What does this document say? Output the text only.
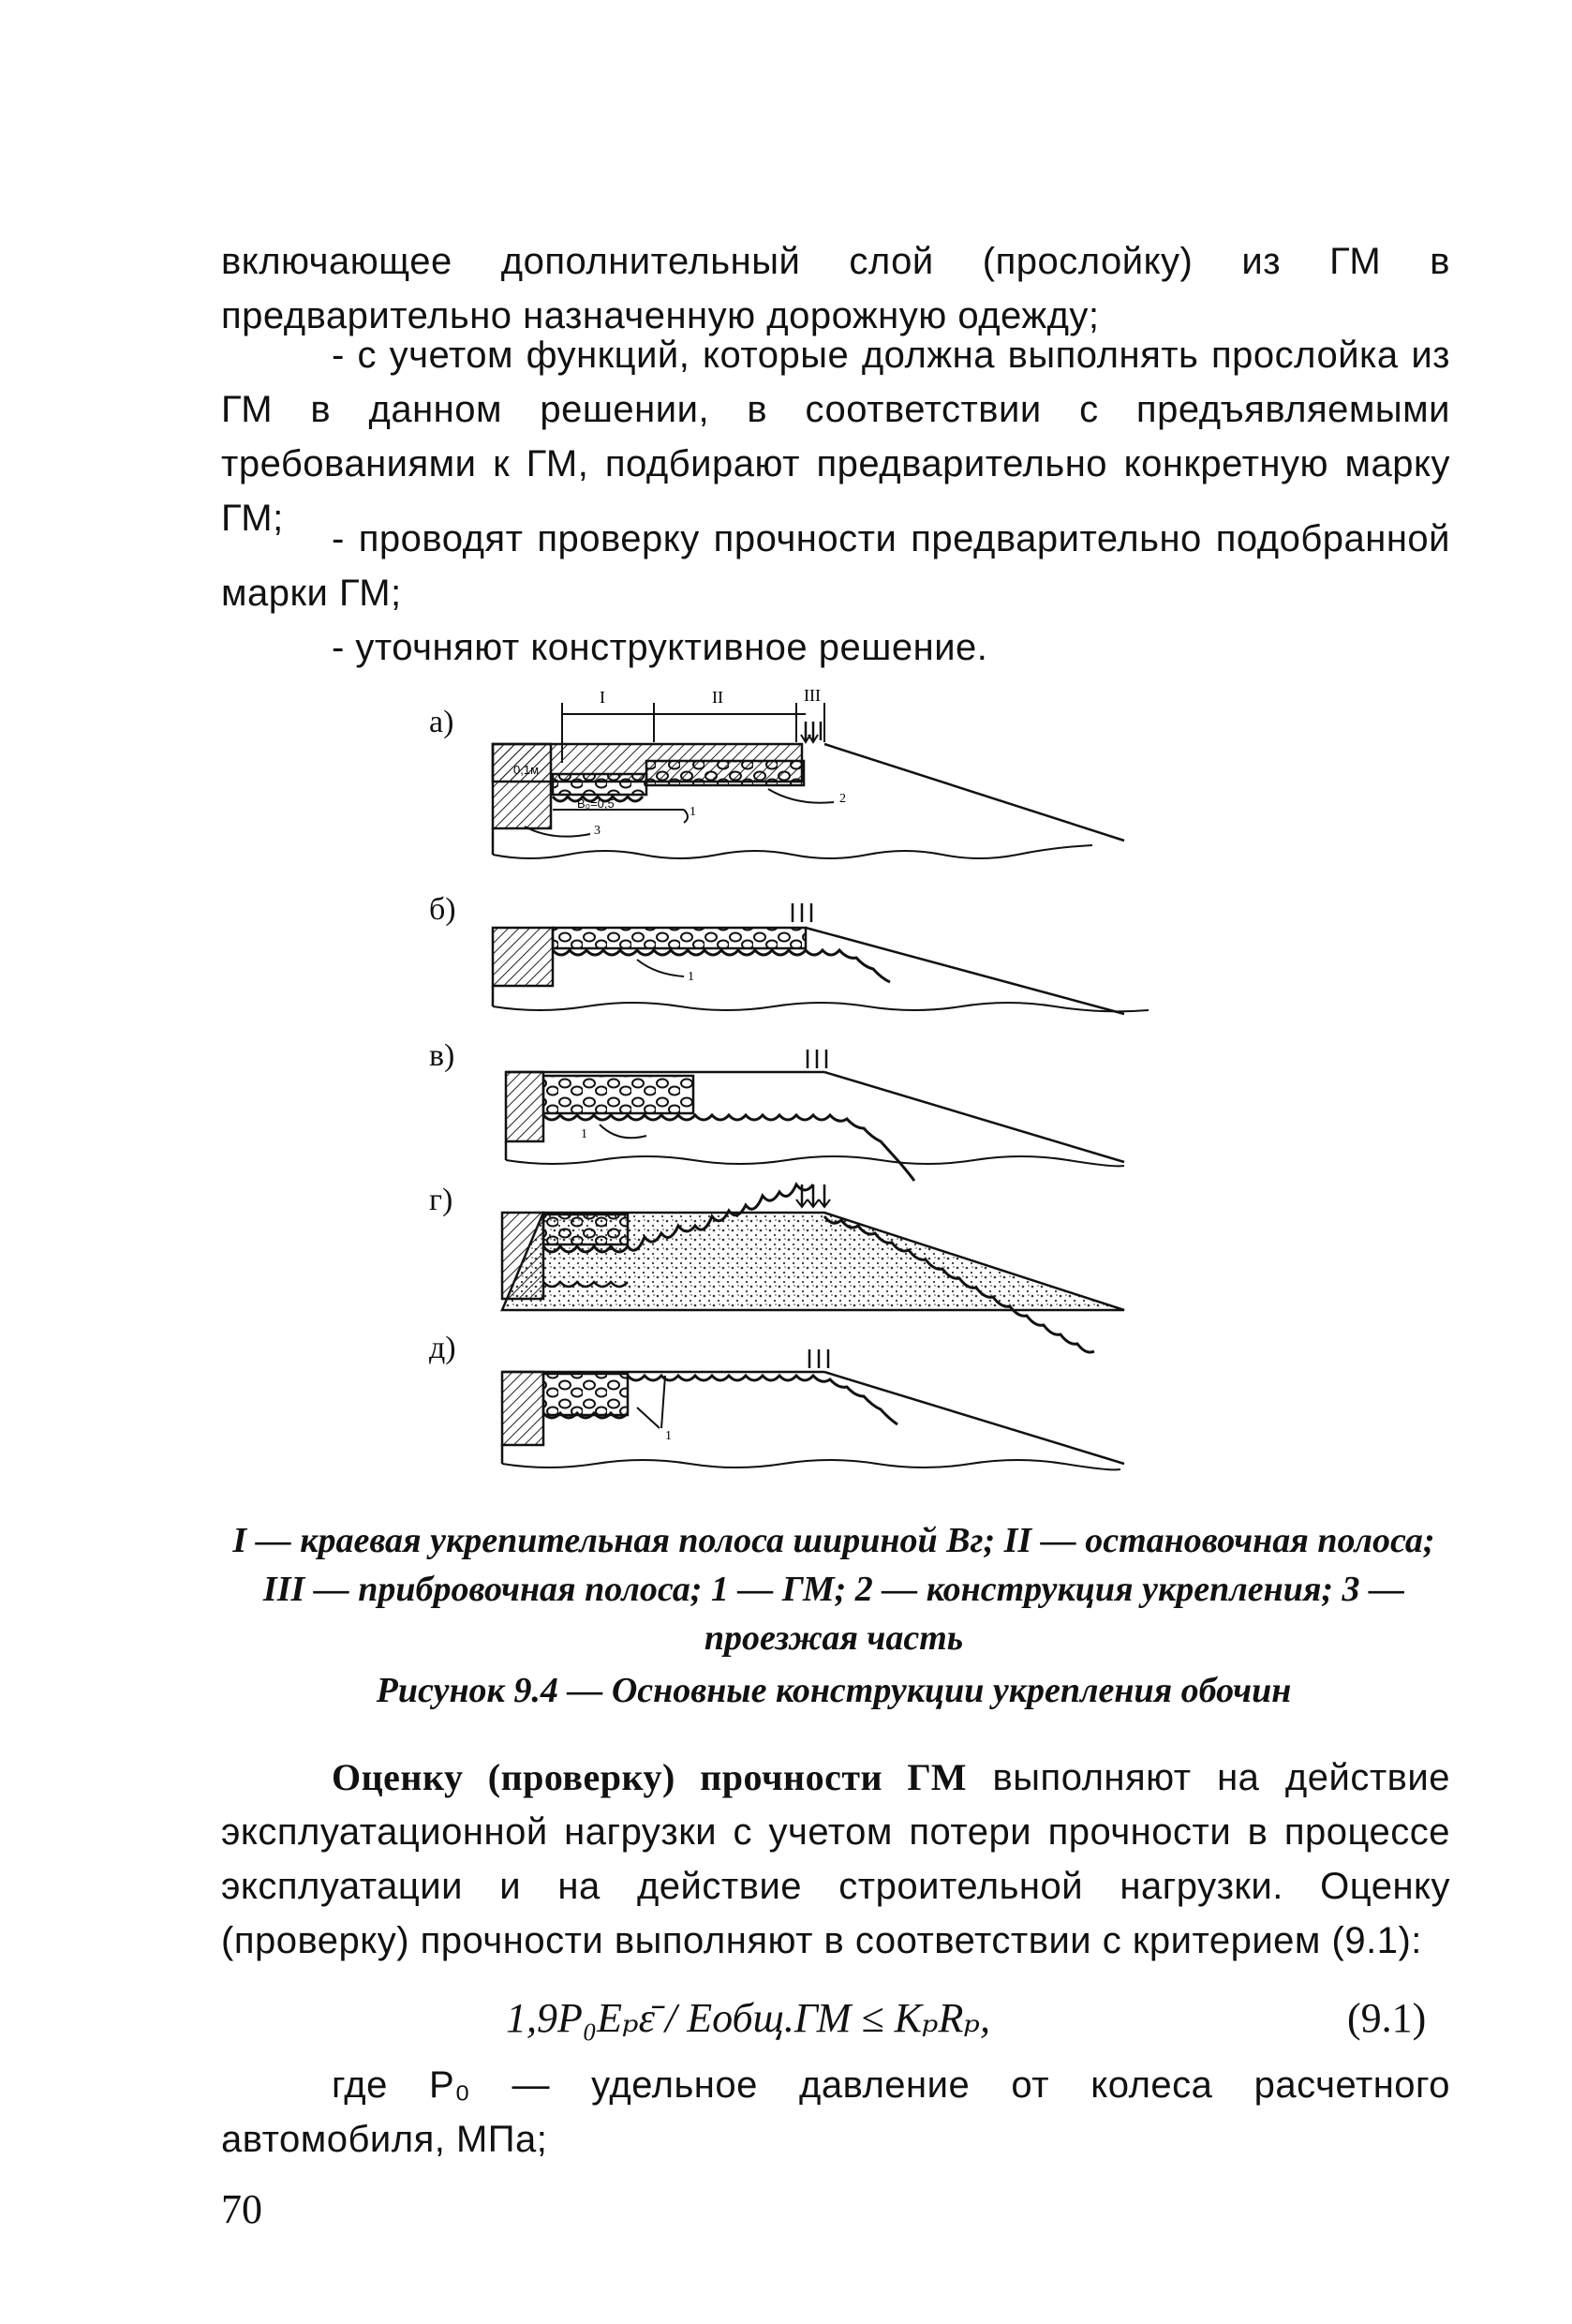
включающее дополнительный слой (прослойку) из ГМ в предварительно назначенную дорожную одежду;
- с учетом функций, которые должна выполнять прослойка из ГМ в данном решении, в соответствии с предъявляемыми требованиями к ГМ, подбирают предварительно конкретную марку ГМ;	- проводят проверку прочности предварительно подобранной марки ГМ;
- уточняют конструктивное решение.
а)
б)
в)
г)
д)
I	II	III
0,1м
B₀=0,5
1
3
2
1
1
1
I — краевая укрепительная полоса шириной Bг; II — остановочная полоса; III — прибровочная полоса; 1 — ГМ; 2 — конструкция укрепления; 3 — проезжая часть
Рисунок 9.4 — Основные конструкции укрепления обочин
Оценку (проверку) прочности ГМ выполняют на действие эксплуатационной нагрузки с учетом потери прочности в процессе эксплуатации и на действие строительной нагрузки. Оценку (проверку) прочности выполняют в соответствии с критерием (9.1):
1,9P₀Eₚε̄ / Eобщ.ГМ ≤ KₚRₚ,	(9.1)
где P₀ — удельное давление от колеса расчетного автомобиля, МПа;
70
